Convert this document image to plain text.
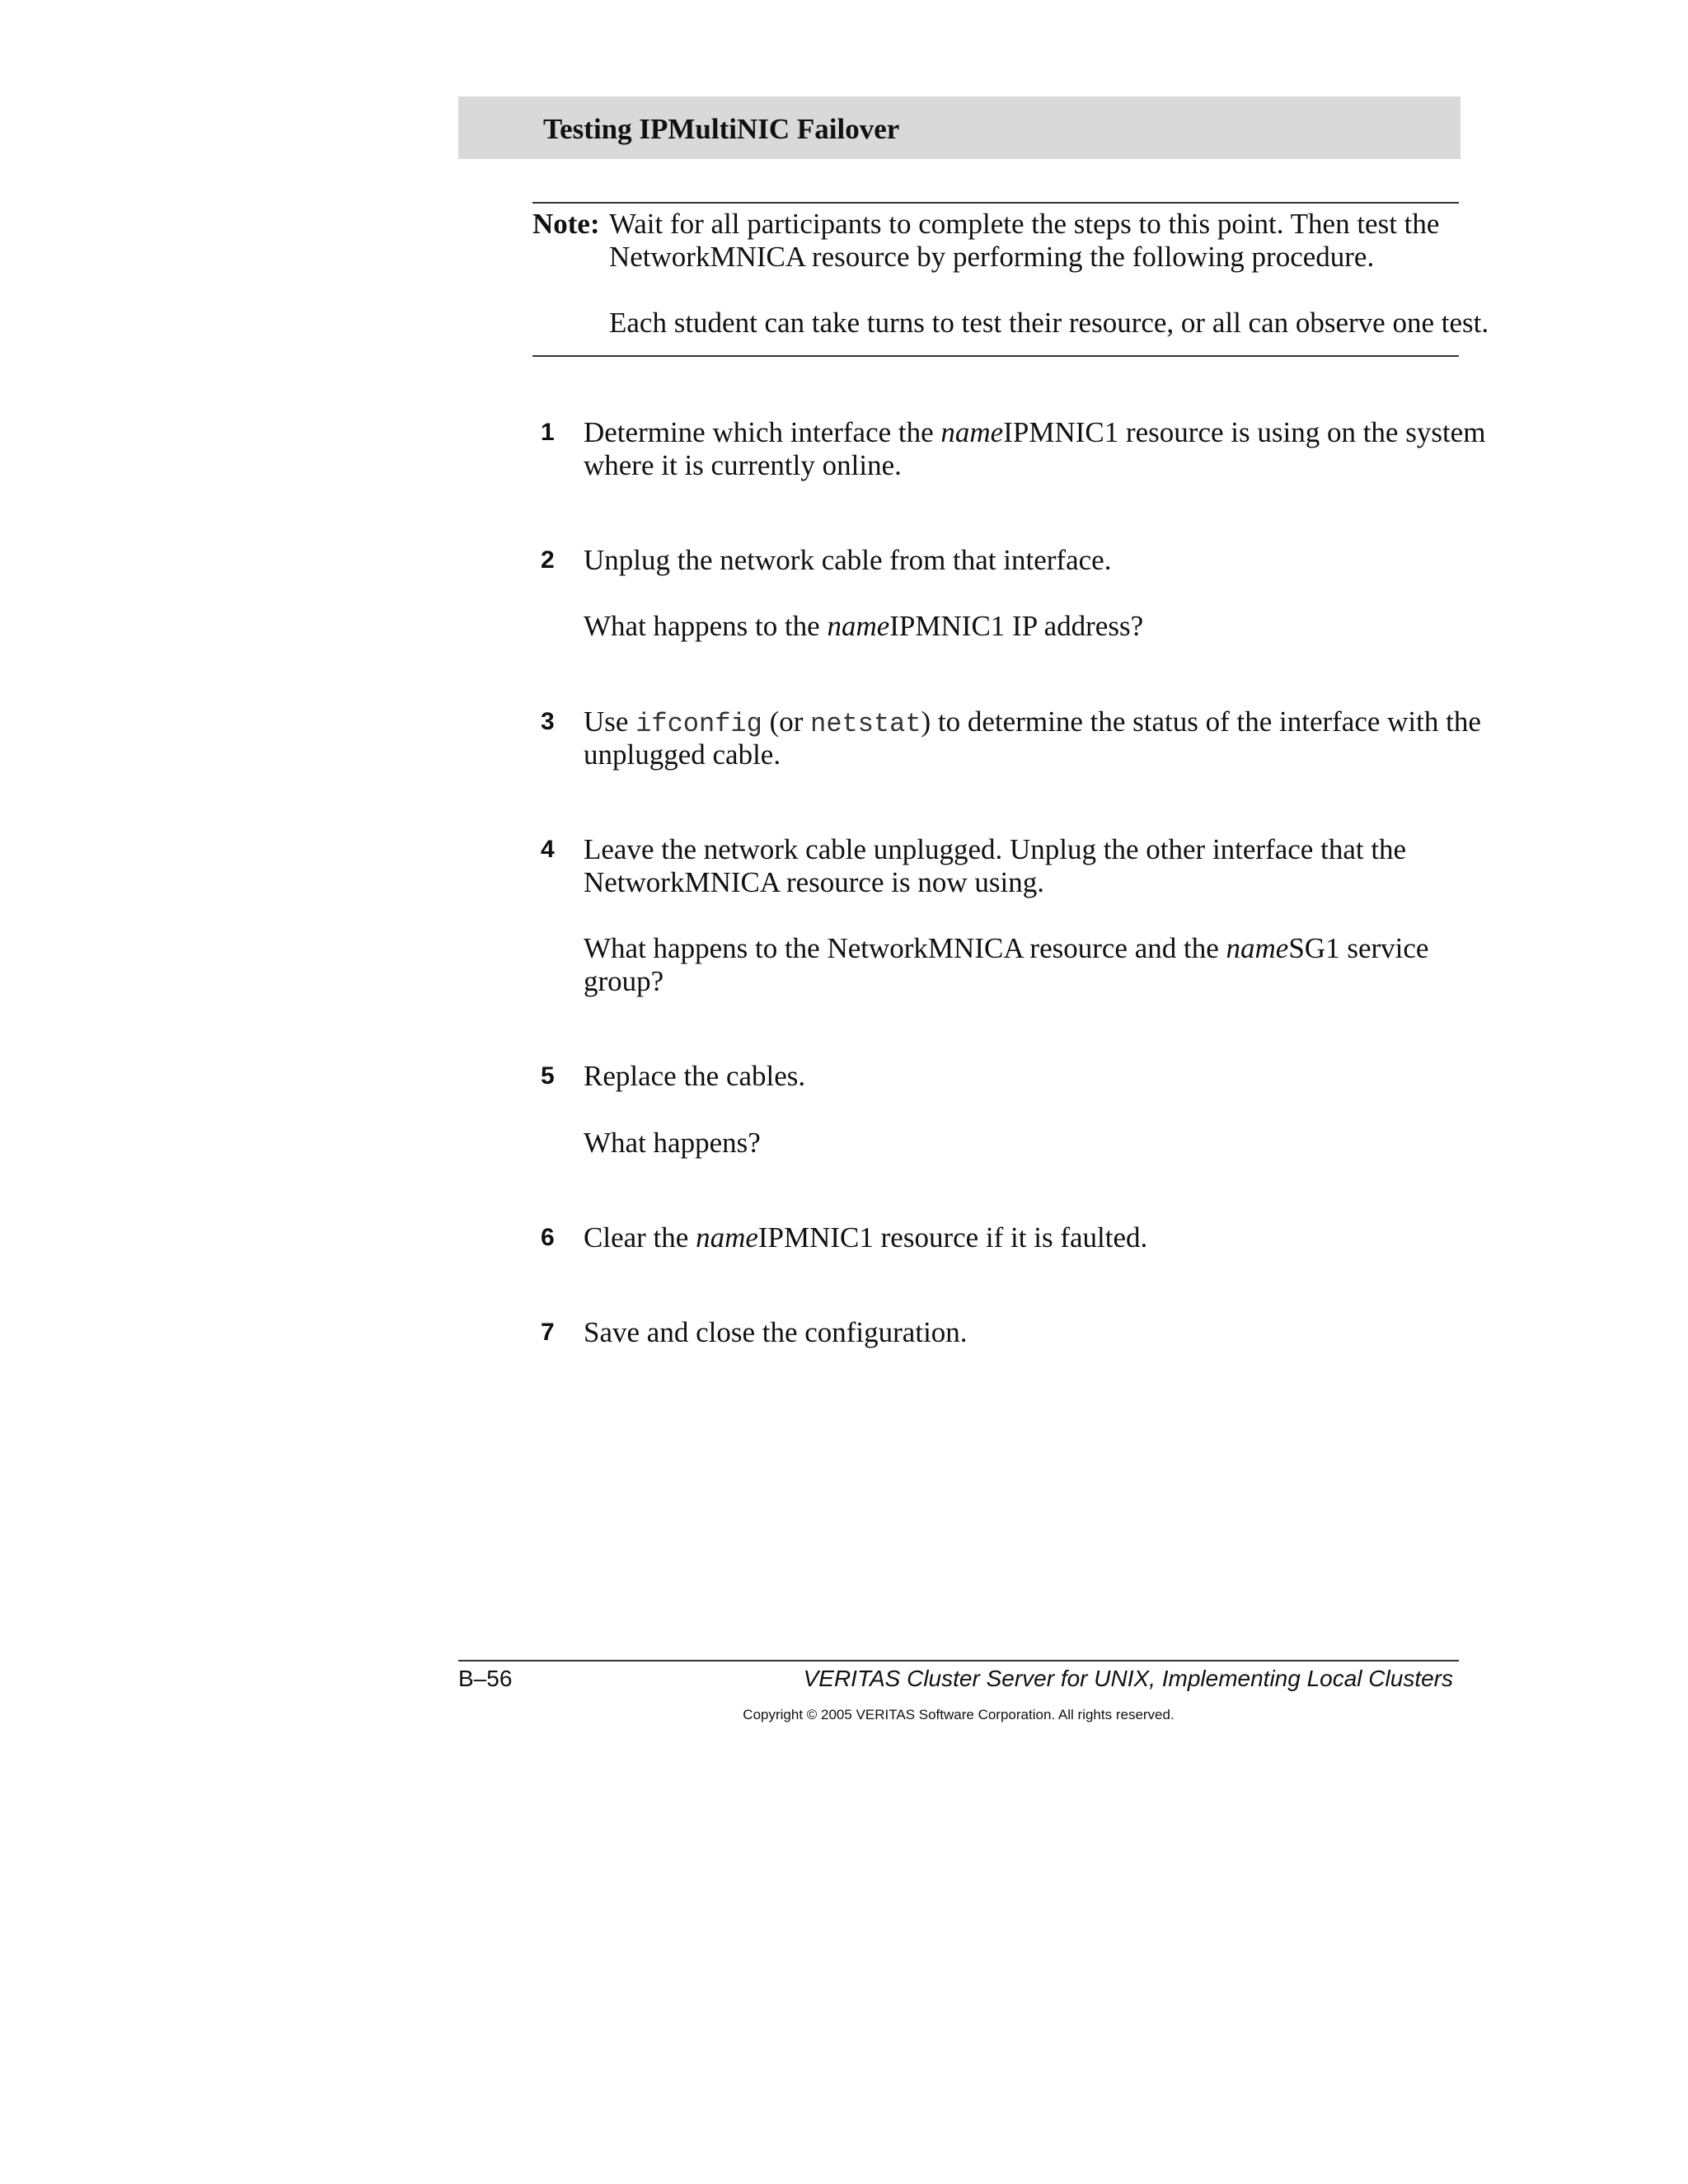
Testing IPMultiNIC Failover
Note: Wait for all participants to complete the steps to this point. Then test the
NetworkMNICA resource by performing the following procedure.
Each student can take turns to test their resource, or all can observe one test.
1 Determine which interface the nameIPMNIC1 resource is using on the system
where it is currently online.
2 Unplug the network cable from that interface.
What happens to the nameIPMNIC1 IP address?
3 Use ifconfig (or netstat) to determine the status of the interface with the
unplugged cable.
4 Leave the network cable unplugged. Unplug the other interface that the
NetworkMNICA resource is now using.
What happens to the NetworkMNICA resource and the nameSG1 service
group?
5 Replace the cables.
What happens?
6 Clear the nameIPMNIC1 resource if it is faulted.
7 Save and close the configuration.
B–56	VERITAS Cluster Server for UNIX, Implementing Local Clusters
Copyright © 2005 VERITAS Software Corporation. All rights reserved.
